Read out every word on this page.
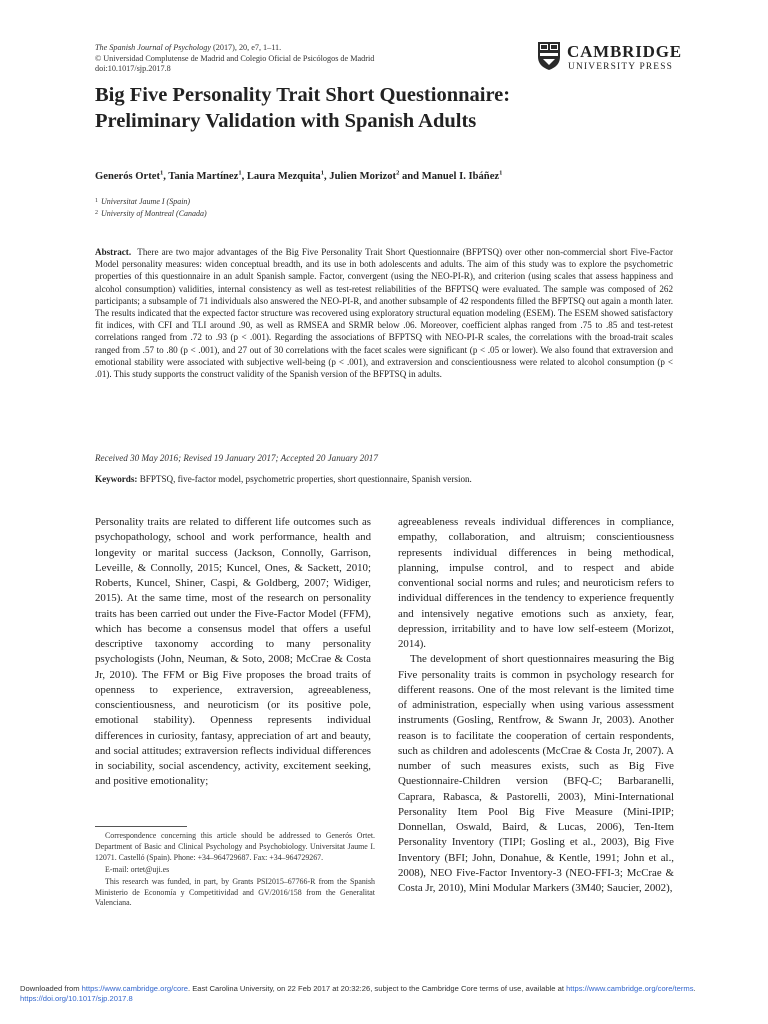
The Spanish Journal of Psychology (2017), 20, e7, 1–11.
© Universidad Complutense de Madrid and Colegio Oficial de Psicólogos de Madrid
doi:10.1017/sjp.2017.8
CAMBRIDGE
UNIVERSITY PRESS
Big Five Personality Trait Short Questionnaire:
Preliminary Validation with Spanish Adults
Generós Ortet$^1$, Tania Martínez$^1$, Laura Mezquita$^1$, Julien Morizot$^2$ and Manuel I. Ibáñez$^1$
$^1$ Universitat Jaume I (Spain)
$^2$ University of Montreal (Canada)
Abstract. There are two major advantages of the Big Five Personality Trait Short Questionnaire (BFPTSQ) over other non-commercial short Five-Factor Model personality measures: widen conceptual breadth, and its use in both adolescents and adults. The aim of this study was to explore the psychometric properties of this questionnaire in an adult Spanish sample. Factor, convergent (using the NEO-PI-R), and criterion (using scales that assess happiness and alcohol consumption) validities, internal consistency as well as test-retest reliabilities of the BFPTSQ were evaluated. The sample was composed of 262 participants; a subsample of 71 individuals also answered the NEO-PI-R, and another subsample of 42 respondents filled the BFPTSQ out again a month later. The results indicated that the expected factor structure was recovered using exploratory structural equation modeling (ESEM). The ESEM showed satisfactory fit indices, with CFI and TLI around .90, as well as RMSEA and SRMR below .06. Moreover, coefficient alphas ranged from .75 to .85 and test-retest correlations ranged from .72 to .93 (p < .001). Regarding the associations of BFPTSQ with NEO-PI-R scales, the correlations with the broad-trait scales ranged from .57 to .80 (p < .001), and 27 out of 30 correlations with the facet scales were significant (p < .05 or lower). We also found that extraversion and emotional stability were associated with subjective well-being (p < .001), and extraversion and conscientiousness were related to alcohol consumption (p < .01). This study supports the construct validity of the Spanish version of the BFPTSQ in adults.
Received 30 May 2016; Revised 19 January 2017; Accepted 20 January 2017
Keywords: BFPTSQ, five-factor model, psychometric properties, short questionnaire, Spanish version.

Personality traits are related to different life outcomes such as psychopathology, school and work performance, health and longevity or marital success (Jackson, Connolly, Garrison, Leveille, & Connolly, 2015; Kuncel, Ones, & Sackett, 2010; Roberts, Kuncel, Shiner, Caspi, & Goldberg, 2007; Widiger, 2015). At the same time, most of the research on personality traits has been carried out under the Five-Factor Model (FFM), which has become a consensus model that offers a useful descriptive taxonomy according to many personality psychologists (John, Neuman, & Soto, 2008; McCrae & Costa Jr, 2010). The FFM or Big Five proposes the broad traits of openness to experience, extraversion, agreeableness, conscientiousness, and neuroticism (or its positive pole, emotional stability). Openness represents individual differences in curiosity, fantasy, appreciation of art and beauty, and social attitudes; extraversion reflects individual differences in sociability, social ascendency, activity, excitement seeking, and positive emotionality;

agreeableness reveals individual differences in compliance, empathy, collaboration, and altruism; conscientiousness represents individual differences in being methodical, planning, impulse control, and to respect and abide conventional social norms and rules; and neuroticism refers to individual differences in the tendency to experience frequently and intensively negative emotions such as anxiety, fear, depression, irritability and to have low self-esteem (Morizot, 2014).

The development of short questionnaires measuring the Big Five personality traits is common in psychology research for different reasons. One of the most relevant is the limited time of administration, especially when using various assessment instruments (Gosling, Rentfrow, & Swann Jr, 2003). Another reason is to facilitate the cooperation of certain respondents, such as children and adolescents (McCrae & Costa Jr, 2007). A number of such measures exists, such as Big Five Questionnaire-Children version (BFQ-C; Barbaranelli, Caprara, Rabasca, & Pastorelli, 2003), Mini-International Personality Item Pool Big Five Measure (Mini-IPIP; Donnellan, Oswald, Baird, & Lucas, 2006), Ten-Item Personality Inventory (TIPI; Gosling et al., 2003), Big Five Inventory (BFI; John, Donahue, & Kentle, 1991; John et al., 2008), NEO Five-Factor Inventory-3 (NEO-FFI-3; McCrae & Costa Jr, 2010), Mini Modular Markers (3M40; Saucier, 2002),

Correspondence concerning this article should be addressed to Generós Ortet. Department of Basic and Clinical Psychology and Psychobiology. Universitat Jaume I. 12071. Castelló (Spain). Phone: +34–964729687. Fax: +34–964729267.

E-mail: ortet@uji.es

This research was funded, in part, by Grants PSI2015–67766-R from the Spanish Ministerio de Economía y Competitividad and GV/2016/158 from the Generalitat Valenciana.

Downloaded from https://www.cambridge.org/core. East Carolina University, on 22 Feb 2017 at 20:32:26, subject to the Cambridge Core terms of use, available at https://www.cambridge.org/core/terms.
https://doi.org/10.1017/sjp.2017.8
